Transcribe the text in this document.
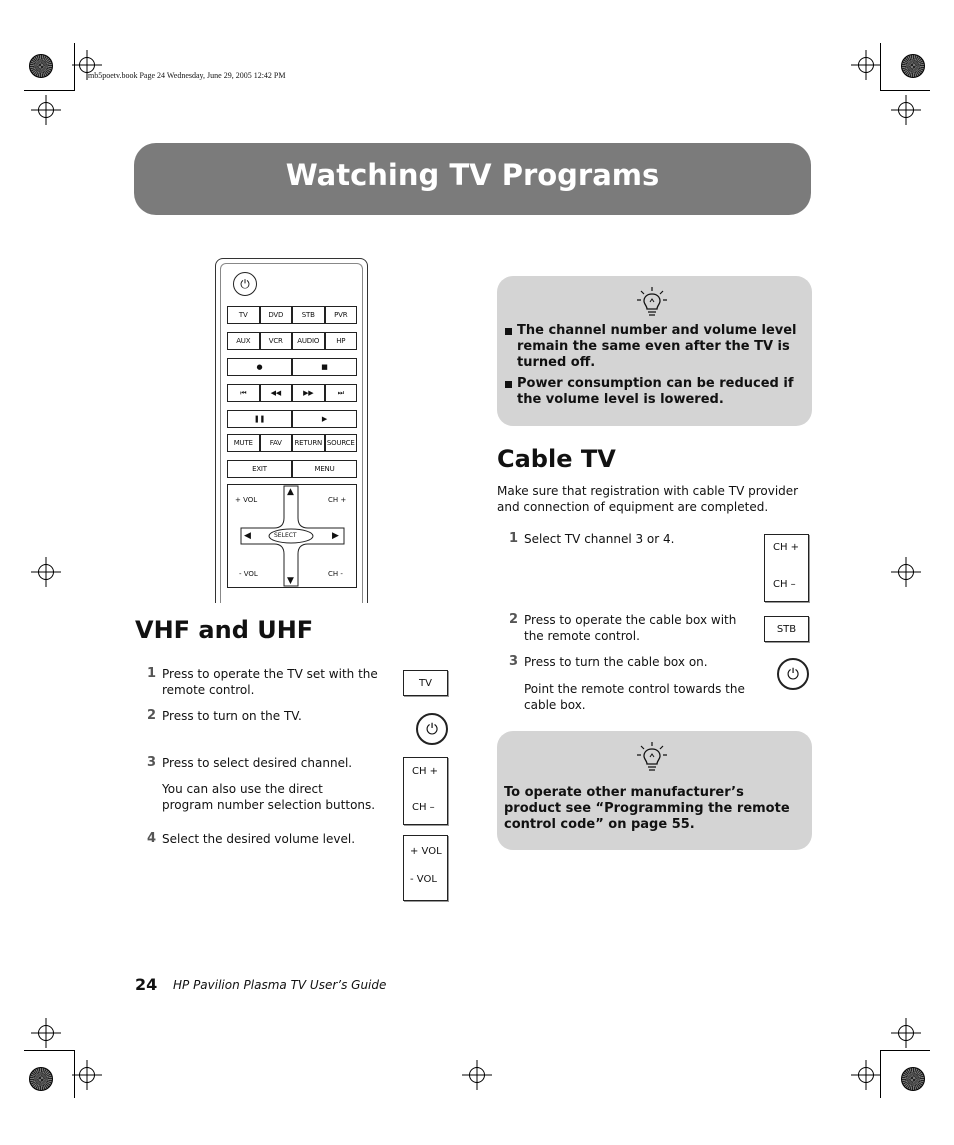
mb5poetv.book Page 24 Wednesday, June 29, 2005 12:42 PM
Watching TV Programs
⏻
TV	DVD	STB	PVR
AUX	VCR	AUDIO	HP
●	■
⏮	◀◀	▶▶	⏭
❚❚	▶
MUTE	FAV	RETURN SOURCE
EXIT	MENU
+ VOL
- VOL
CH +
CH -
SELECT
▲
▼
◀	▶
VHF and UHF
1 Press to operate the TV set with the remote control.
2 Press to turn on the TV.
3 Press to select desired channel.
You can also use the direct program number selection buttons.
4 Select the desired volume level.
TV
⏻
CH +
CH –
+ VOL
- VOL
The channel number and volume level remain the same even after the TV is turned off.
Power consumption can be reduced if the volume level is lowered.
Cable TV
Make sure that registration with cable TV provider and connection of equipment are completed.
1 Select TV channel 3 or 4.
2 Press to operate the cable box with the remote control.
3 Press to turn the cable box on.
Point the remote control towards the cable box.
CH +
CH –
STB
⏻
To operate other manufacturer’s product see “Programming the remote control code” on page 55.
24 HP Pavilion Plasma TV User’s Guide
